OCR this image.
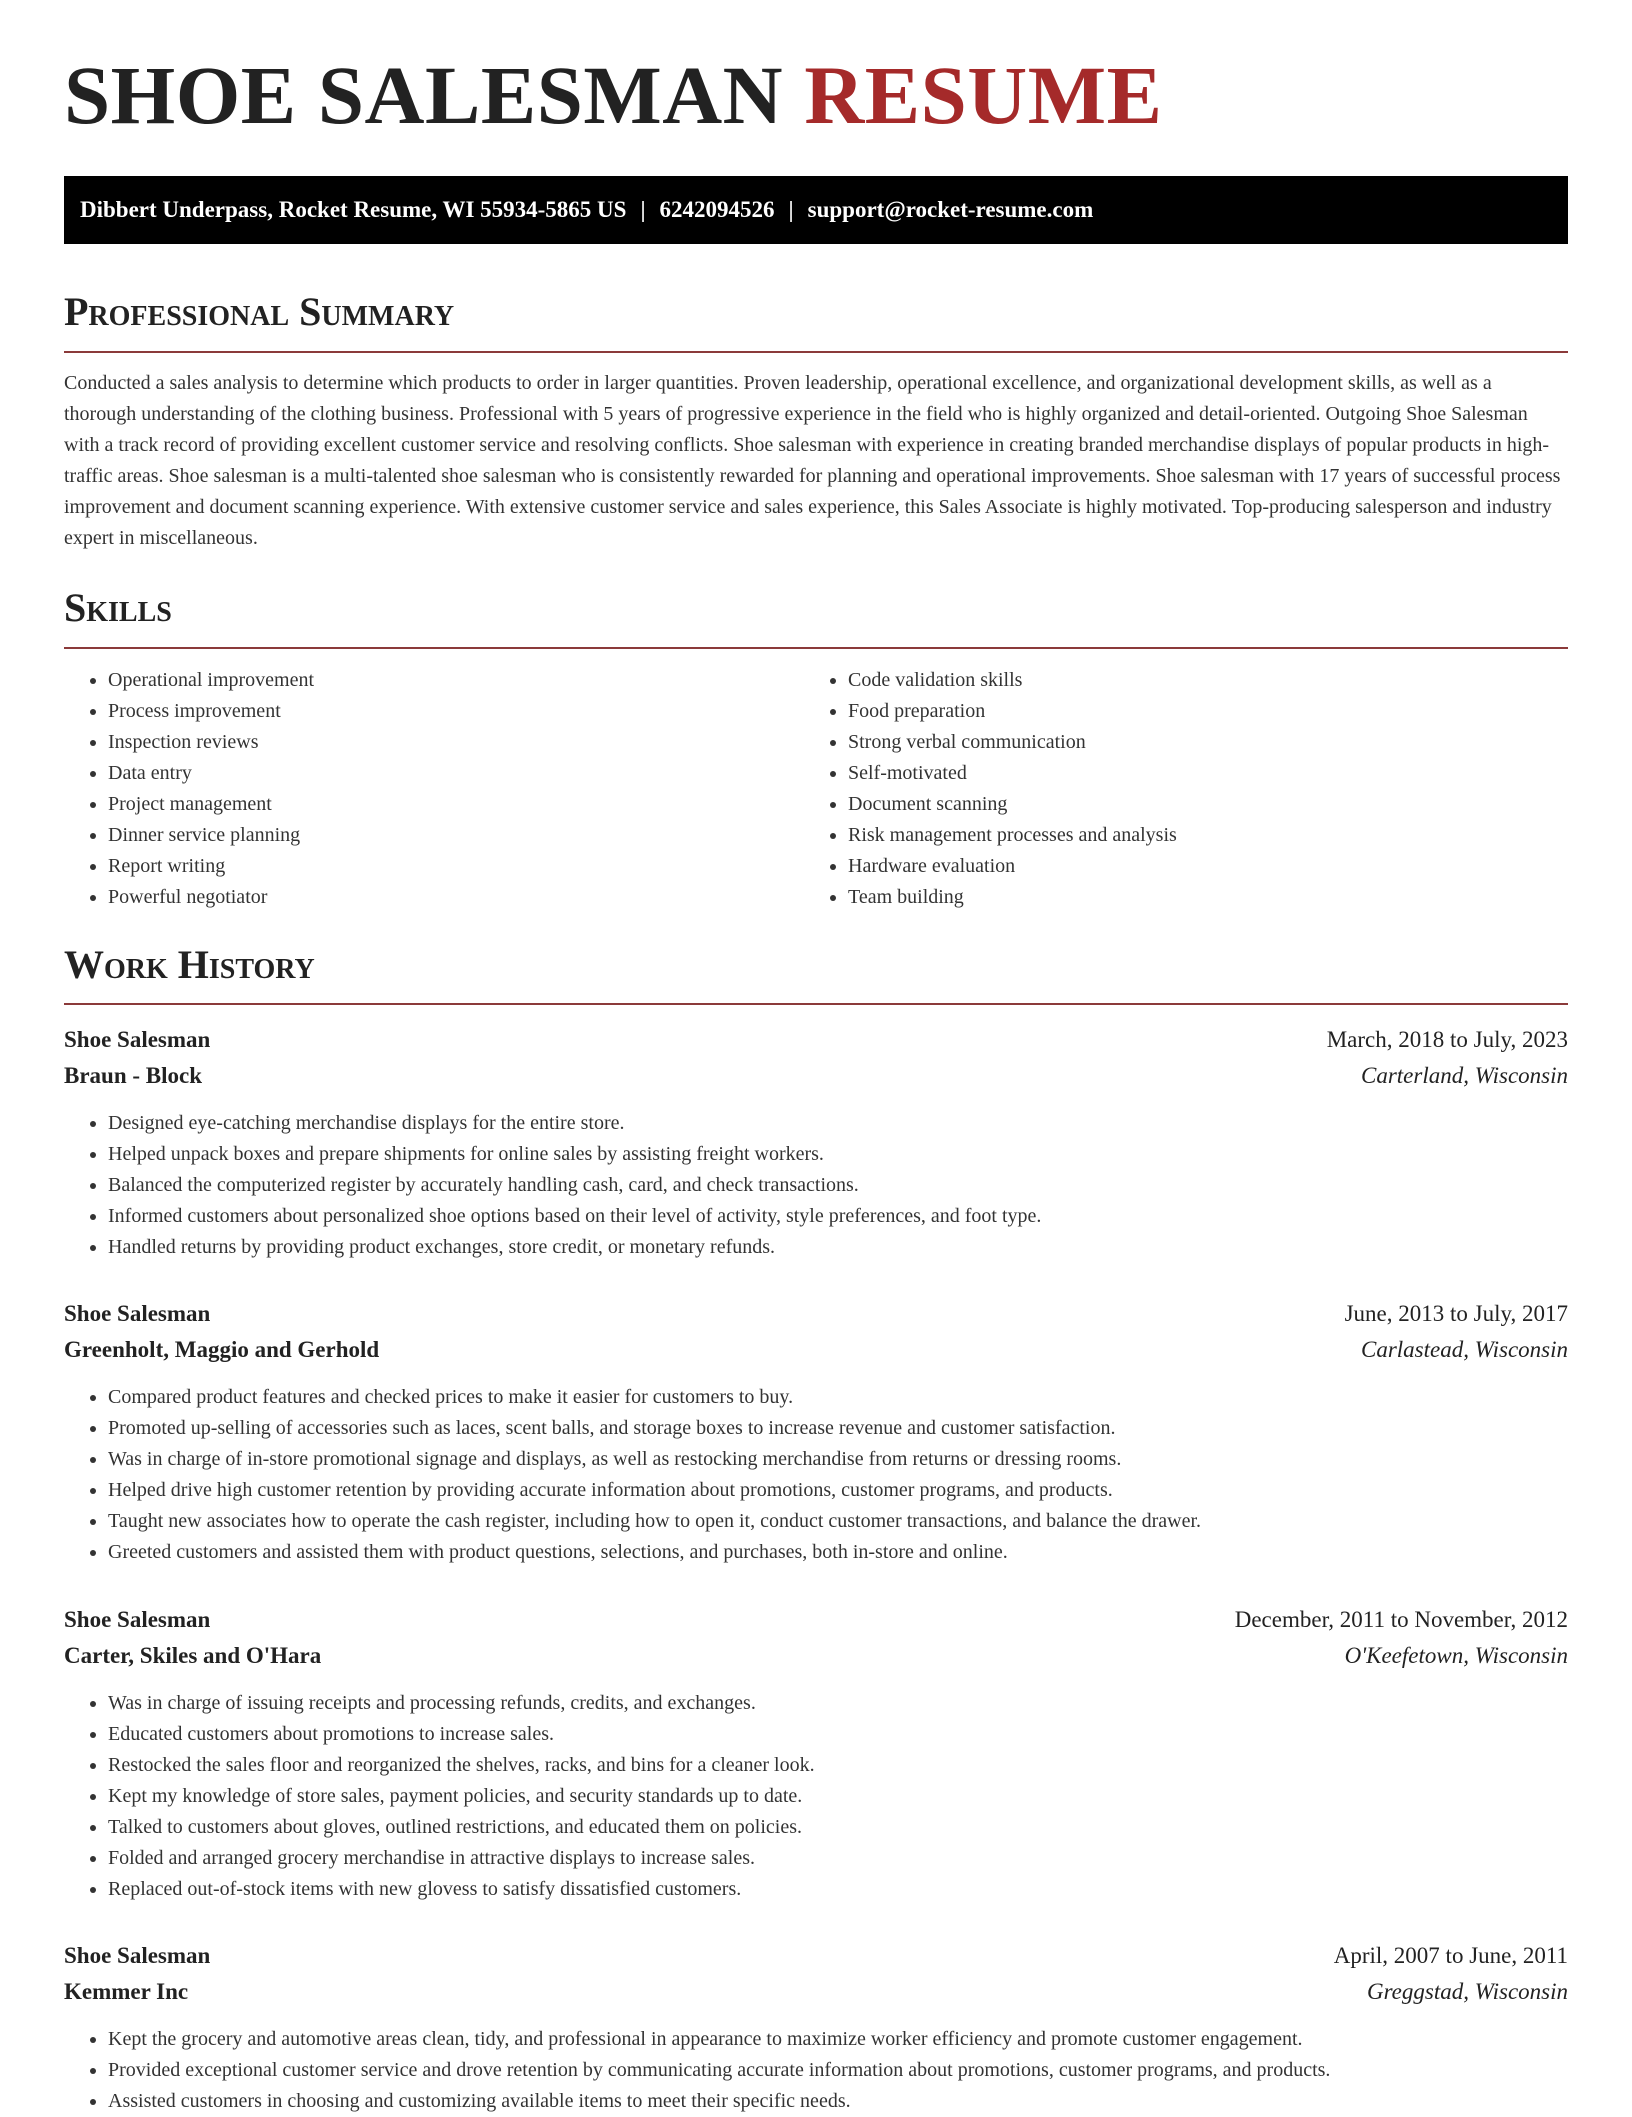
SHOE SALESMAN RESUME
Dibbert Underpass, Rocket Resume, WI 55934-5865 US | 6242094526 | support@rocket-resume.com
Professional Summary

Conducted a sales analysis to determine which products to order in larger quantities. Proven leadership, operational excellence, and organizational development skills, as well as a thorough understanding of the clothing business. Professional with 5 years of progressive experience in the field who is highly organized and detail-oriented. Outgoing Shoe Salesman with a track record of providing excellent customer service and resolving conflicts. Shoe salesman with experience in creating branded merchandise displays of popular products in high-traffic areas. Shoe salesman is a multi-talented shoe salesman who is consistently rewarded for planning and operational improvements. Shoe salesman with 17 years of successful process improvement and document scanning experience. With extensive customer service and sales experience, this Sales Associate is highly motivated. Top-producing salesperson and industry expert in miscellaneous.

Skills
• Operational improvement
• Process improvement
• Inspection reviews
• Data entry
• Project management
• Dinner service planning
• Report writing
• Powerful negotiator
• Code validation skills
• Food preparation
• Strong verbal communication
• Self-motivated
• Document scanning
• Risk management processes and analysis
• Hardware evaluation
• Team building
Work History
Shoe Salesman	March, 2018 to July, 2023
Braun - Block	Carterland, Wisconsin
• Designed eye-catching merchandise displays for the entire store.
• Helped unpack boxes and prepare shipments for online sales by assisting freight workers.
• Balanced the computerized register by accurately handling cash, card, and check transactions.
• Informed customers about personalized shoe options based on their level of activity, style preferences, and foot type.
• Handled returns by providing product exchanges, store credit, or monetary refunds.
Shoe Salesman	June, 2013 to July, 2017
Greenholt, Maggio and Gerhold	Carlastead, Wisconsin
• Compared product features and checked prices to make it easier for customers to buy.
• Promoted up-selling of accessories such as laces, scent balls, and storage boxes to increase revenue and customer satisfaction.
• Was in charge of in-store promotional signage and displays, as well as restocking merchandise from returns or dressing rooms.
• Helped drive high customer retention by providing accurate information about promotions, customer programs, and products.
• Taught new associates how to operate the cash register, including how to open it, conduct customer transactions, and balance the drawer.
• Greeted customers and assisted them with product questions, selections, and purchases, both in-store and online.
Shoe Salesman	December, 2011 to November, 2012
Carter, Skiles and O'Hara	O'Keefetown, Wisconsin
• Was in charge of issuing receipts and processing refunds, credits, and exchanges.
• Educated customers about promotions to increase sales.
• Restocked the sales floor and reorganized the shelves, racks, and bins for a cleaner look.
• Kept my knowledge of store sales, payment policies, and security standards up to date.
• Talked to customers about gloves, outlined restrictions, and educated them on policies.
• Folded and arranged grocery merchandise in attractive displays to increase sales.
• Replaced out-of-stock items with new glovess to satisfy dissatisfied customers.
Shoe Salesman	April, 2007 to June, 2011
Kemmer Inc	Greggstad, Wisconsin
• Kept the grocery and automotive areas clean, tidy, and professional in appearance to maximize worker efficiency and promote customer engagement.
• Provided exceptional customer service and drove retention by communicating accurate information about promotions, customer programs, and products.
• Assisted customers in choosing and customizing available items to meet their specific needs.
